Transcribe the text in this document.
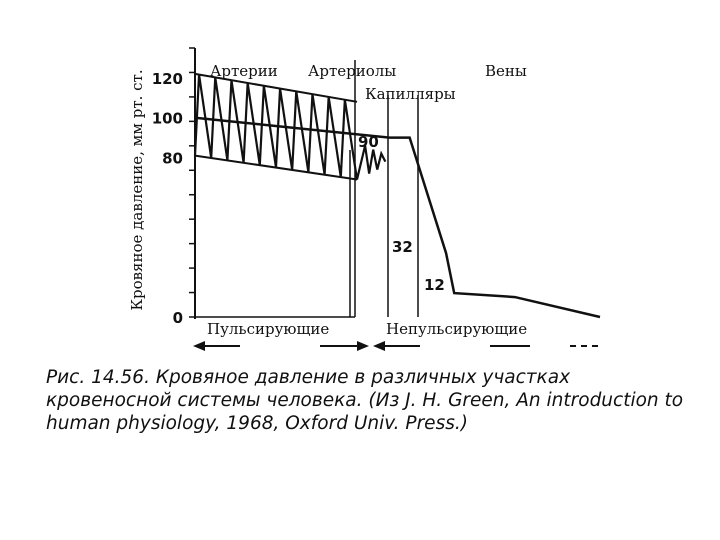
120
100
80
0
Кровяное давление, мм рт. ст.	Артерии Артериолы
Капилляры
Вены
90
32
12
Пульсирующие	Непульсирующие

Рис. 14.56. Кровяное давление в различных участках кровеносной системы человека. (Из J. H. Green, An introduction to human physiology, 1968, Oxford Univ. Press.)
